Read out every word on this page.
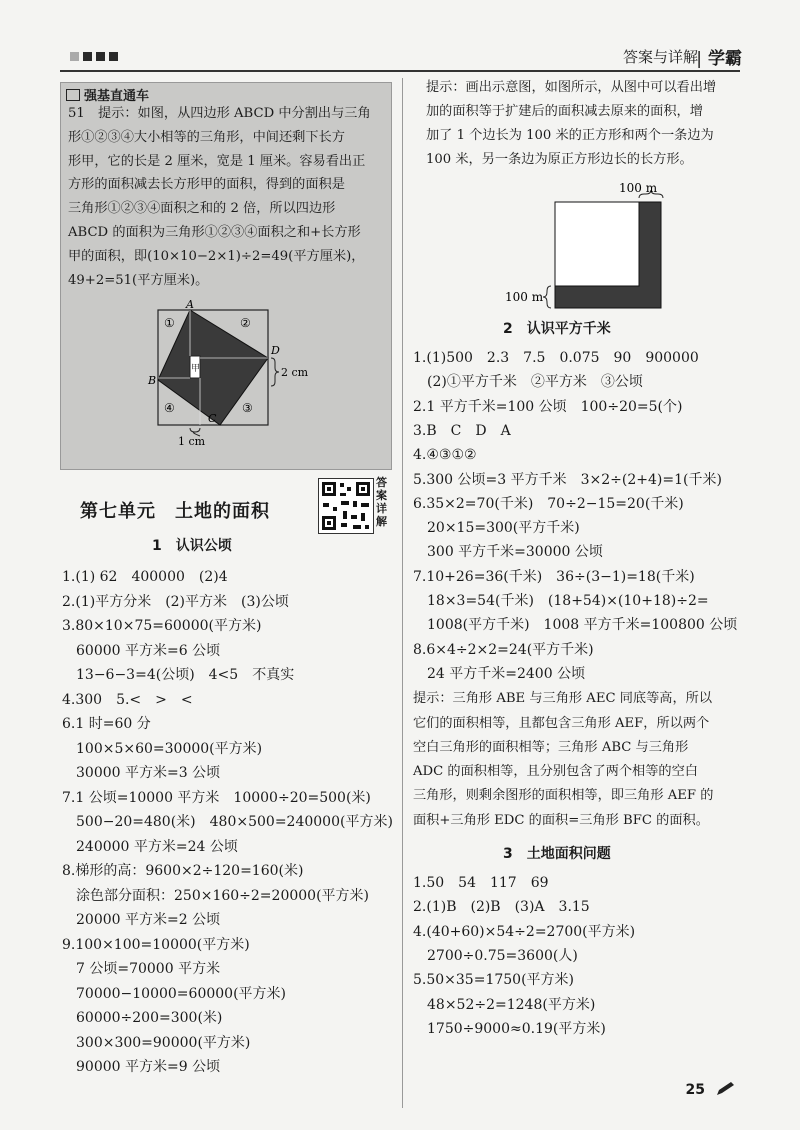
答案与详解
| 学霸
强基直通车
51　提示：如图，从四边形 ABCD 中分割出与三角
形①②③④大小相等的三角形，中间还剩下长方
形甲，它的长是 2 厘米，宽是 1 厘米。容易看出正
方形的面积减去长方形甲的面积，得到的面积是
三角形①②③④面积之和的 2 倍，所以四边形
ABCD 的面积为三角形①②③④面积之和+长方形
甲的面积，即(10×10−2×1)÷2=49(平方厘米)，
49+2=51(平方厘米)。
A
D
B
C
①	②
④	③
甲	2 cm
1 cm
第七单元　土地的面积
答案详解
1　认识公顷
1.(1) 62　400000　(2)4
2.(1)平方分米　(2)平方米　(3)公顷
3.80×10×75=60000(平方米)
　60000 平方米=6 公顷
　13−6−3=4(公顷)　4<5　不真实
4.300　5.<　>　<
6.1 时=60 分
　100×5×60=30000(平方米)
　30000 平方米=3 公顷
7.1 公顷=10000 平方米　10000÷20=500(米)
　500−20=480(米)　480×500=240000(平方米)
　240000 平方米=24 公顷
8.梯形的高：9600×2÷120=160(米)
　涂色部分面积：250×160÷2=20000(平方米)
　20000 平方米=2 公顷
9.100×100=10000(平方米)
　7 公顷=70000 平方米
　70000−10000=60000(平方米)
　60000÷200=300(米)
　300×300=90000(平方米)
　90000 平方米=9 公顷
提示：画出示意图，如图所示，从图中可以看出增
加的面积等于扩建后的面积减去原来的面积，增
加了 1 个边长为 100 米的正方形和两个一条边为
100 米，另一条边为原正方形边长的长方形。
100 m
100 m
2　认识平方千米
1.(1)500　2.3　7.5　0.075　90　900000
　(2)①平方千米　②平方米　③公顷
2.1 平方千米=100 公顷　100÷20=5(个)
3.B　C　D　A
4.④③①②
5.300 公顷=3 平方千米　3×2÷(2+4)=1(千米)
6.35×2=70(千米)　70÷2−15=20(千米)
　20×15=300(平方千米)
　300 平方千米=30000 公顷
7.10+26=36(千米)　36÷(3−1)=18(千米)
　18×3=54(千米)　(18+54)×(10+18)÷2=
　1008(平方千米)　1008 平方千米=100800 公顷
8.6×4÷2×2=24(平方千米)
　24 平方千米=2400 公顷
提示：三角形 ABE 与三角形 AEC 同底等高，所以
它们的面积相等，且都包含三角形 AEF，所以两个
空白三角形的面积相等；三角形 ABC 与三角形
ADC 的面积相等，且分别包含了两个相等的空白
三角形，则剩余图形的面积相等，即三角形 AEF 的
面积+三角形 EDC 的面积=三角形 BFC 的面积。
3　土地面积问题
1.50　54　117　69
2.(1)B　(2)B　(3)A　3.15
4.(40+60)×54÷2=2700(平方米)
　2700÷0.75=3600(人)
5.50×35=1750(平方米)
　48×52÷2=1248(平方米)
　1750÷9000≈0.19(平方米)
25
